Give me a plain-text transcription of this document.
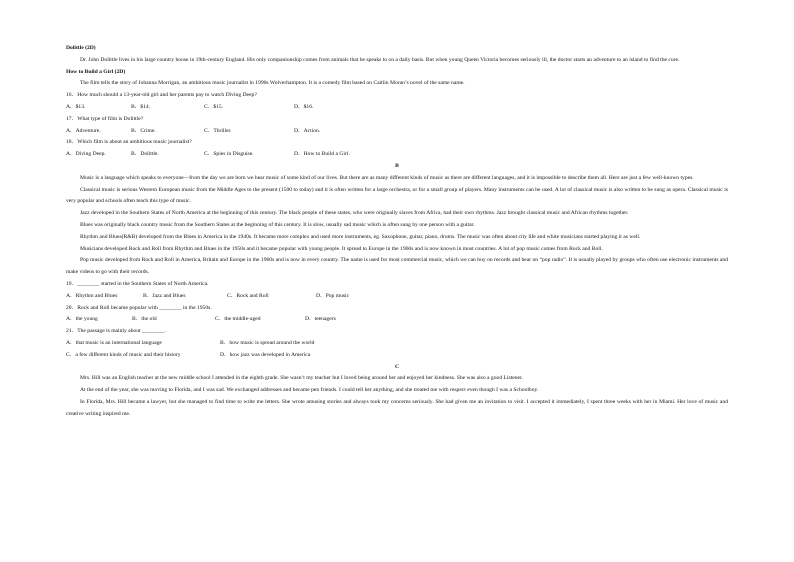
Dolittle (2D)

Dr. John Dolittle lives in his large country house in 19th-century England. His only companionship comes from animals that he speaks to on a daily basis. But when young Queen Victoria becomes seriously ill, the doctor starts an adventure to an island to find the cure.

How to Build a Girl (2D)

The film tells the story of Johanna Morrigan, an ambitious music journalist in 1990s Wolverhampton. It is a comedy film based on Caitlin Moran’s novel of the same name.

16．How much should a 13-year-old girl and her parents pay to watch Diving Deep?
A．$13.	B．$14.	C．$15.	D．$16.
17．What type of film is Dolittle?
A．Adventure.	B．Crime.	C．Thriller.	D．Action.
18．Which film is about an ambitious music journalist?
A．Diving Deep.	B．Dolittle.	C．Spies in Disguise.	D．How to Build a Girl.
B

Music is a language which speaks to everyone—from the day we are born we hear music of some kind of our lives. But there are as many different kinds of music as there are different languages, and it is impossible to describe them all. Here are just a few well-known types.

Classical music is serious Western European music from the Middle Ages to the present (1500 to today) and it is often written for a large orchestra, or for a small group of players. Many instruments can be used. A lot of classical music is also written to be sung as opera. Classical music is very popular and schools often teach this type of music.

Jazz developed in the Southern States of North America at the beginning of this century. The black people of these states, who were originally slaves from Africa, had their own rhythms. Jazz brought classical music and African rhythms together.

Blues was originally black country music from the Southern States at the beginning of this century. It is slow, usually sad music which is often sung by one person with a guitar.

Rhythm and Blues(R&B) developed from the Blues in America in the 1940s. It became more complex and used more instruments, eg. Saxophone, guitar, piano, drums. The music was often about city life and white musicians started playing it as well.

Musicians developed Rock and Roll from Rhythm and Blues in the 1950s and it became popular with young people. It spread to Europe in the 1960s and is now known in most countries. A lot of pop music comes from Rock and Roll.

Pop music developed from Rock and Roll in America, Britain and Europe in the 1960s and is now in every country. The name is used for most commercial music, which we can buy on records and hear on “pop radio”. It is usually played by groups who often use electronic instruments and make videos to go with their records.

19．________ started in the Southern States of North America.
A．Rhythm and Blues	B．Jazz and Blues	C．Rock and Roll	D．Pop music
20．Rock and Roll became popular with ________ in the 1950s.
A．the young	B．the old	C．the middle-aged	D．teenagers
21．The passage is mainly about ________.
A．that music is an international language	B．how music is spread around the world
C．a few different kinds of music and their history	D．how jazz was developed in America
C

Mrs. Hill was an English teacher at the new middle school I attended in the eighth grade. She wasn’t my teacher but I loved being around her and enjoyed her kindness. She was also a good Listener.

At the end of the year, she was moving to Florida, and I was sad. We exchanged addresses and became pen friends. I could tell her anything, and she treated me with respect even though I was a Schoolboy.

In Florida, Mrs. Hill became a lawyer, but she managed to find time to write me letters. She wrote amusing stories and always took my concerns seriously. She had given me an invitation to visit. I accepted it immediately, I spent three weeks with her in Miami. Her love of music and creative writing inspired me.
